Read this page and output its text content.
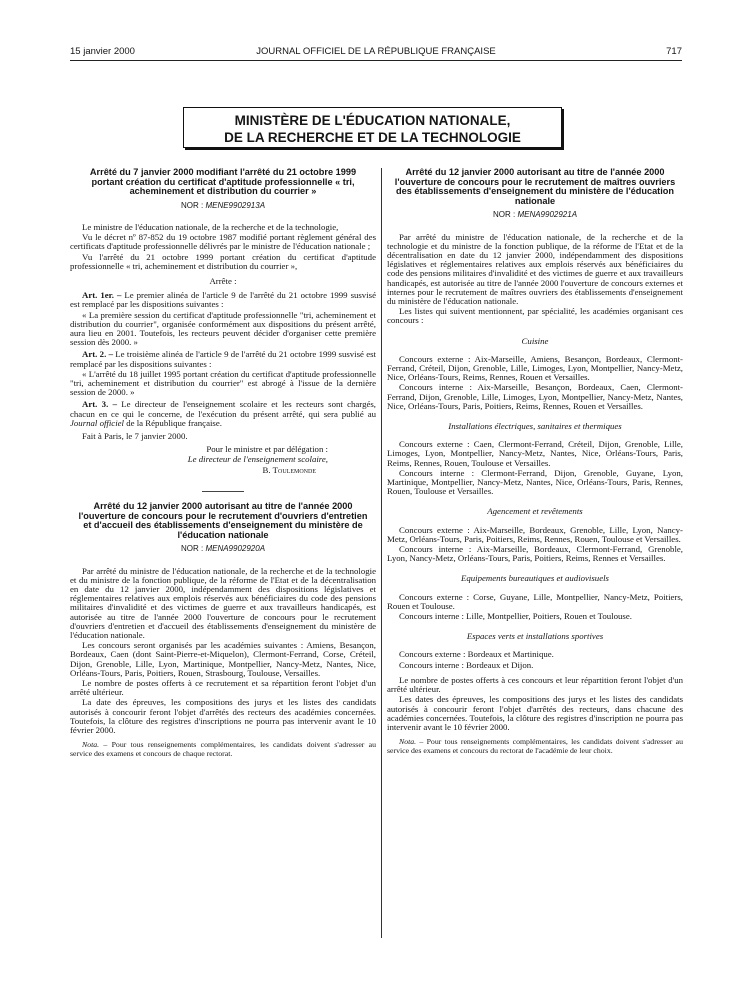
15 janvier 2000	JOURNAL OFFICIEL DE LA RÉPUBLIQUE FRANÇAISE	717
MINISTÈRE DE L'ÉDUCATION NATIONALE,
DE LA RECHERCHE ET DE LA TECHNOLOGIE
Arrêté du 7 janvier 2000 modifiant l'arrêté du 21 octobre 1999 portant création du certificat d'aptitude professionnelle « tri, acheminement et distribution du courrier »
NOR : MENE9902913A

Le ministre de l'éducation nationale, de la recherche et de la technologie,

Vu le décret nº 87-852 du 19 octobre 1987 modifié portant règlement général des certificats d'aptitude professionnelle délivrés par le ministre de l'éducation nationale ;

Vu l'arrêté du 21 octobre 1999 portant création du certificat d'aptitude professionnelle « tri, acheminement et distribution du courrier »,

Arrête :

Art. 1er. – Le premier alinéa de l'article 9 de l'arrêté du 21 octobre 1999 susvisé est remplacé par les dispositions suivantes :

« La première session du certificat d'aptitude professionnelle "tri, acheminement et distribution du courrier", organisée conformément aux dispositions du présent arrêté, aura lieu en 2001. Toutefois, les recteurs peuvent décider d'organiser cette première session dès 2000. »

Art. 2. – Le troisième alinéa de l'article 9 de l'arrêté du 21 octobre 1999 susvisé est remplacé par les dispositions suivantes :

« L'arrêté du 18 juillet 1995 portant création du certificat d'aptitude professionnelle "tri, acheminement et distribution du courrier" est abrogé à l'issue de la dernière session de 2000. »

Art. 3. – Le directeur de l'enseignement scolaire et les recteurs sont chargés, chacun en ce qui le concerne, de l'exécution du présent arrêté, qui sera publié au Journal officiel de la République française.

Fait à Paris, le 7 janvier 2000.

Pour le ministre et par délégation :

Le directeur de l'enseignement scolaire,

B. Toulemonde

Arrêté du 12 janvier 2000 autorisant au titre de l'année 2000 l'ouverture de concours pour le recrutement d'ouvriers d'entretien et d'accueil des établissements d'enseignement du ministère de l'éducation nationale
NOR : MENA9902920A

Par arrêté du ministre de l'éducation nationale, de la recherche et de la technologie et du ministre de la fonction publique, de la réforme de l'Etat et de la décentralisation en date du 12 janvier 2000, indépendamment des dispositions législatives et réglementaires relatives aux emplois réservés aux bénéficiaires du code des pensions militaires d'invalidité et des victimes de guerre et aux travailleurs handicapés, est autorisée au titre de l'année 2000 l'ouverture de concours pour le recrutement d'ouvriers d'entretien et d'accueil des établissements d'enseignement du ministère de l'éducation nationale.

Les concours seront organisés par les académies suivantes : Amiens, Besançon, Bordeaux, Caen (dont Saint-Pierre-et-Miquelon), Clermont-Ferrand, Corse, Créteil, Dijon, Grenoble, Lille, Lyon, Martinique, Montpellier, Nancy-Metz, Nantes, Nice, Orléans-Tours, Paris, Poitiers, Rouen, Strasbourg, Toulouse, Versailles.

Le nombre de postes offerts à ce recrutement et sa répartition feront l'objet d'un arrêté ultérieur.

La date des épreuves, les compositions des jurys et les listes des candidats autorisés à concourir feront l'objet d'arrêtés des recteurs des académies concernées. Toutefois, la clôture des registres d'inscriptions ne pourra pas intervenir avant le 10 février 2000.

Nota. – Pour tous renseignements complémentaires, les candidats doivent s'adresser au service des examens et concours de chaque rectorat.

Arrêté du 12 janvier 2000 autorisant au titre de l'année 2000 l'ouverture de concours pour le recrutement de maîtres ouvriers des établissements d'enseignement du ministère de l'éducation nationale
NOR : MENA9902921A

Par arrêté du ministre de l'éducation nationale, de la recherche et de la technologie et du ministre de la fonction publique, de la réforme de l'Etat et de la décentralisation en date du 12 janvier 2000, indépendamment des dispositions législatives et réglementaires relatives aux emplois réservés aux bénéficiaires du code des pensions militaires d'invalidité et des victimes de guerre et aux travailleurs handicapés, est autorisée au titre de l'année 2000 l'ouverture de concours externes et internes pour le recrutement de maîtres ouvriers des établissements d'enseignement du ministère de l'éducation nationale.

Les listes qui suivent mentionnent, par spécialité, les académies organisant ces concours :

Cuisine

Concours externe : Aix-Marseille, Amiens, Besançon, Bordeaux, Clermont-Ferrand, Créteil, Dijon, Grenoble, Lille, Limoges, Lyon, Montpellier, Nancy-Metz, Nice, Orléans-Tours, Reims, Rennes, Rouen et Versailles.

Concours interne : Aix-Marseille, Besançon, Bordeaux, Caen, Clermont-Ferrand, Dijon, Grenoble, Lille, Limoges, Lyon, Montpellier, Nancy-Metz, Nantes, Nice, Orléans-Tours, Paris, Poitiers, Reims, Rennes, Rouen et Versailles.

Installations électriques, sanitaires et thermiques

Concours externe : Caen, Clermont-Ferrand, Créteil, Dijon, Grenoble, Lille, Limoges, Lyon, Montpellier, Nancy-Metz, Nantes, Nice, Orléans-Tours, Paris, Reims, Rennes, Rouen, Toulouse et Versailles.

Concours interne : Clermont-Ferrand, Dijon, Grenoble, Guyane, Lyon, Martinique, Montpellier, Nancy-Metz, Nantes, Nice, Orléans-Tours, Paris, Rennes, Rouen, Toulouse et Versailles.

Agencement et revêtements

Concours externe : Aix-Marseille, Bordeaux, Grenoble, Lille, Lyon, Nancy-Metz, Orléans-Tours, Paris, Poitiers, Reims, Rennes, Rouen, Toulouse et Versailles.

Concours interne : Aix-Marseille, Bordeaux, Clermont-Ferrand, Grenoble, Lyon, Nancy-Metz, Orléans-Tours, Paris, Poitiers, Reims, Rennes et Versailles.

Equipements bureautiques et audiovisuels

Concours externe : Corse, Guyane, Lille, Montpellier, Nancy-Metz, Poitiers, Rouen et Toulouse.

Concours interne : Lille, Montpellier, Poitiers, Rouen et Toulouse.

Espaces verts et installations sportives

Concours externe : Bordeaux et Martinique.

Concours interne : Bordeaux et Dijon.

Le nombre de postes offerts à ces concours et leur répartition feront l'objet d'un arrêté ultérieur.

Les dates des épreuves, les compositions des jurys et les listes des candidats autorisés à concourir feront l'objet d'arrêtés des recteurs, dans chacune des académies concernées. Toutefois, la clôture des registres d'inscription ne pourra pas intervenir avant le 10 février 2000.

Nota. – Pour tous renseignements complémentaires, les candidats doivent s'adresser au service des examens et concours du rectorat de l'académie de leur choix.
